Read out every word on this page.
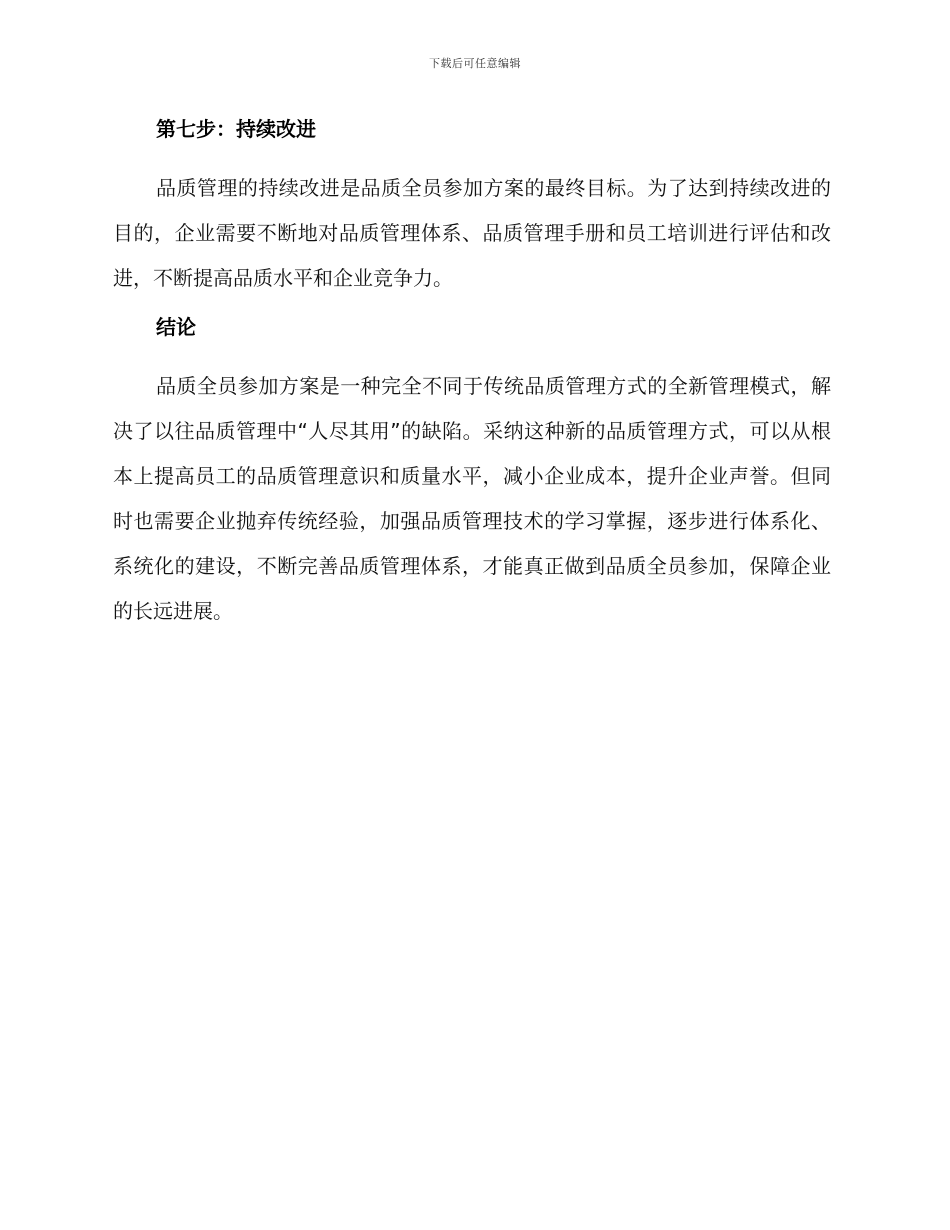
下载后可任意编辑
第七步：持续改进

品质管理的持续改进是品质全员参加方案的最终目标。为了达到持续改进的目的，企业需要不断地对品质管理体系、品质管理手册和员工培训进行评估和改进，不断提高品质水平和企业竞争力。

结论

品质全员参加方案是一种完全不同于传统品质管理方式的全新管理模式，解决了以往品质管理中“人尽其用”的缺陷。采纳这种新的品质管理方式，可以从根本上提高员工的品质管理意识和质量水平，减小企业成本，提升企业声誉。但同时也需要企业抛弃传统经验，加强品质管理技术的学习掌握，逐步进行体系化、系统化的建设，不断完善品质管理体系，才能真正做到品质全员参加，保障企业的长远进展。
